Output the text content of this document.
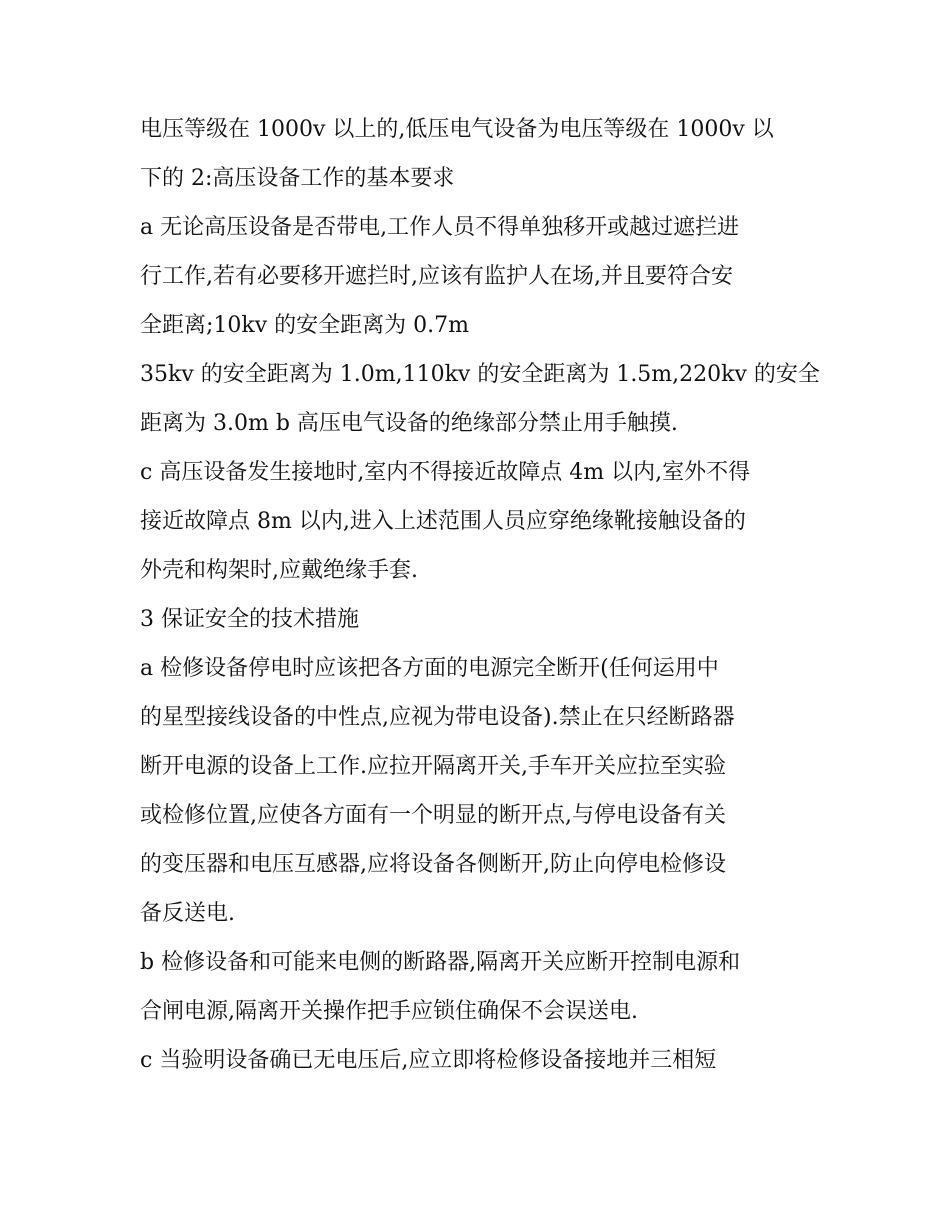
电压等级在 1000v 以上的,低压电气设备为电压等级在 1000v 以
下的 2:高压设备工作的基本要求

a 无论高压设备是否带电,工作人员不得单独移开或越过遮拦进
行工作,若有必要移开遮拦时,应该有监护人在场,并且要符合安
全距离;10kv 的安全距离为 0.7m

35kv 的安全距离为 1.0m,110kv 的安全距离为 1.5m,220kv 的安全
距离为 3.0m b 高压电气设备的绝缘部分禁止用手触摸.

c 高压设备发生接地时,室内不得接近故障点 4m 以内,室外不得
接近故障点 8m 以内,进入上述范围人员应穿绝缘靴接触设备的
外壳和构架时,应戴绝缘手套.

3 保证安全的技术措施

a 检修设备停电时应该把各方面的电源完全断开(任何运用中
的星型接线设备的中性点,应视为带电设备).禁止在只经断路器
断开电源的设备上工作.应拉开隔离开关,手车开关应拉至实验
或检修位置,应使各方面有一个明显的断开点,与停电设备有关
的变压器和电压互感器,应将设备各侧断开,防止向停电检修设
备反送电.

b 检修设备和可能来电侧的断路器,隔离开关应断开控制电源和
合闸电源,隔离开关操作把手应锁住确保不会误送电.

c 当验明设备确已无电压后,应立即将检修设备接地并三相短
